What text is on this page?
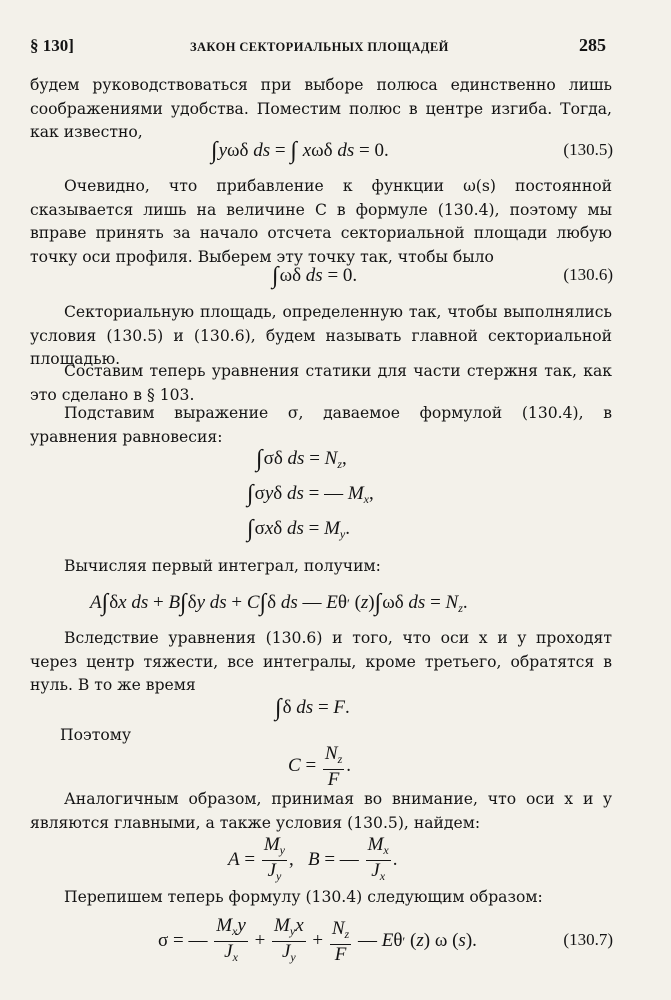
§ 130]	ЗАКОН СЕКТОРИАЛЬНЫХ ПЛОЩАДЕЙ	285
будем руководствоваться при выборе полюса единственно лишь соображениями удобства. Поместим полюс в центре изгиба. Тогда, как известно,
∫yωδ ds = ∫ xωδ ds = 0.	(130.5)
Очевидно, что прибавление к функции ω(s) постоянной сказывается лишь на величине C в формуле (130.4), поэтому мы вправе принять за начало отсчета секториальной площади любую точку оси профиля. Выберем эту точку так, чтобы было
∫ωδ ds = 0.	(130.6)
Секториальную площадь, определенную так, чтобы выполнялись условия (130.5) и (130.6), будем называть главной секториальной площадью.
Составим теперь уравнения статики для части стержня так, как это сделано в § 103.
Подставим выражение σ, даваемое формулой (130.4), в уравнения равновесия:
∫σδ ds = $N_z$,
∫σyδ ds = — $M_x$,
∫σxδ ds = $M_y$.
Вычисляя первый интеграл, получим:
A∫δx ds + B∫δy ds + C∫δ ds — Eθ′ (z)∫ωδ ds = $N_z$.
Вследствие уравнения (130.6) и того, что оси x и y проходят через центр тяжести, все интегралы, кроме третьего, обратятся в нуль. В то же время
∫δ ds = F.
Поэтому
$C = \frac{N_z}{F}$ .
Аналогичным образом, принимая во внимание, что оси x и y являются главными, а также условия (130.5), найдем:
$A = \frac{M_y}{J_y}$ ,   B = — $\frac{M_x}{J_x}$ .
Перепишем теперь формулу (130.4) следующим образом:
σ = — $\frac{M_xy}{J_x} + \frac{M_yx}{J_y} + \frac{N_z}{F}$ — Eθ′ (z) ω (s).	(130.7)
